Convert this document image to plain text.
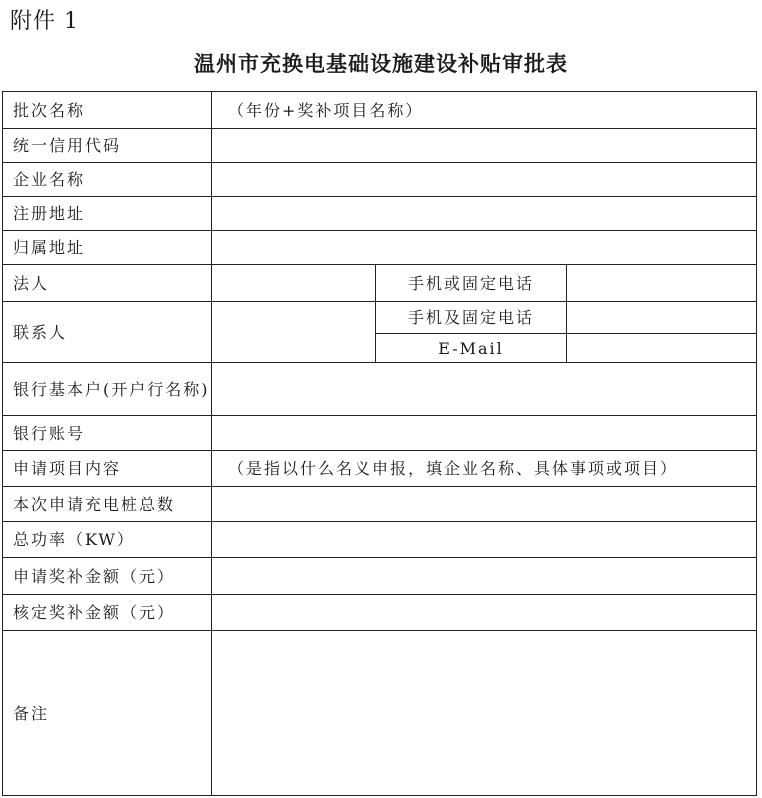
附件 1
温州市充换电基础设施建设补贴审批表
批次名称	（年份+奖补项目名称）		
统一信用代码			
企业名称			
注册地址			
归属地址			
法人		手机或固定电话	
联系人		手机及固定电话	
		E-Mail	
银行基本户(开户行名称)			
银行账号			
申请项目内容	（是指以什么名义申报，填企业名称、具体事项或项目）		
本次申请充电桩总数			
总功率（KW）			
申请奖补金额（元）			
核定奖补金额（元）			
备注			
